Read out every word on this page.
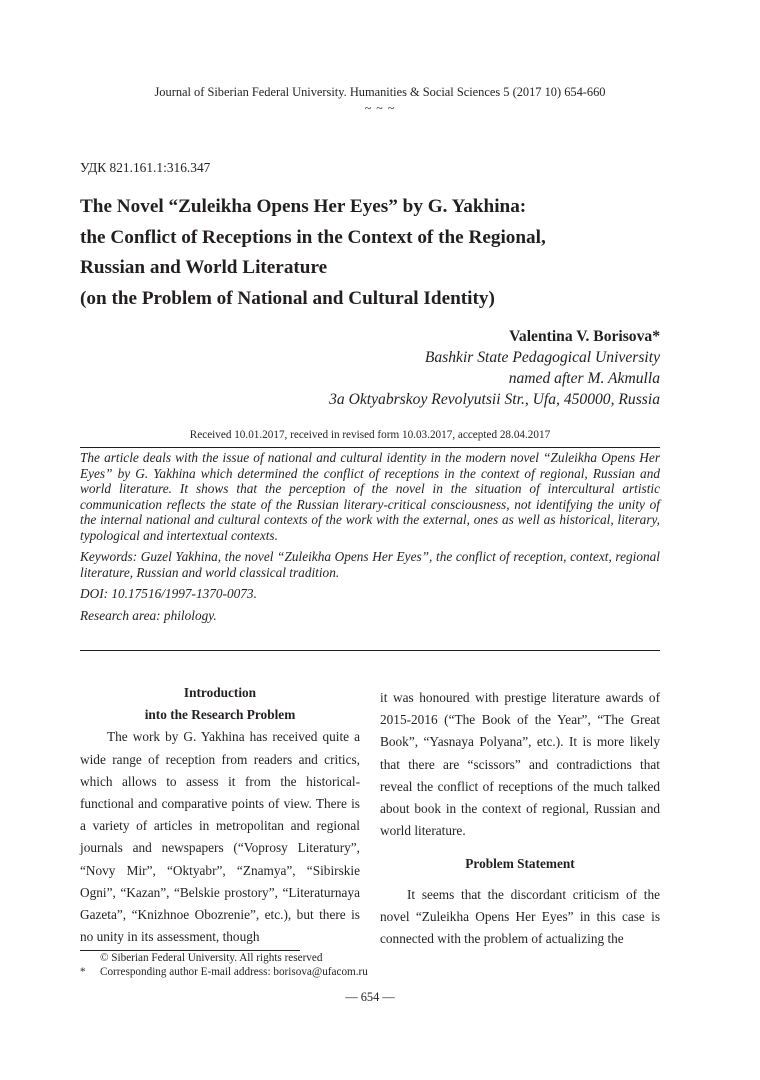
Journal of Siberian Federal University. Humanities & Social Sciences 5 (2017 10) 654-660
~ ~ ~
УДК 821.161.1:316.347
The Novel “Zuleikha Opens Her Eyes” by G. Yakhina:
the Conflict of Receptions in the Context of the Regional,
Russian and World Literature
(on the Problem of National and Cultural Identity)
Valentina V. Borisova*
Bashkir State Pedagogical University
named after M. Akmulla
3a Oktyabrskoy Revolyutsii Str., Ufa, 450000, Russia
Received 10.01.2017, received in revised form 10.03.2017, accepted 28.04.2017

The article deals with the issue of national and cultural identity in the modern novel “Zuleikha Opens Her Eyes” by G. Yakhina which determined the conflict of receptions in the context of regional, Russian and world literature. It shows that the perception of the novel in the situation of intercultural artistic communication reflects the state of the Russian literary-critical consciousness, not identifying the unity of the internal national and cultural contexts of the work with the external, ones as well as historical, literary, typological and intertextual contexts.

Keywords: Guzel Yakhina, the novel “Zuleikha Opens Her Eyes”, the conflict of reception, context, regional literature, Russian and world classical tradition.

DOI: 10.17516/1997-1370-0073.

Research area: philology.

Introduction
into the Research Problem

The work by G. Yakhina has received quite a wide range of reception from readers and critics, which allows to assess it from the historical-functional and comparative points of view. There is a variety of articles in metropolitan and regional journals and newspapers (“Voprosy Literatury”, “Novy Mir”, “Oktyabr”, “Znamya”, “Sibirskie Ogni”, “Kazan”, “Belskie prostory”, “Literaturnaya Gazeta”, “Knizhnoe Obozrenie”, etc.), but there is no unity in its assessment, though

it was honoured with prestige literature awards of 2015-2016 (“The Book of the Year”, “The Great Book”, “Yasnaya Polyana”, etc.). It is more likely that there are “scissors” and contradictions that reveal the conflict of receptions of the much talked about book in the context of regional, Russian and world literature.

Problem Statement

It seems that the discordant criticism of the novel “Zuleikha Opens Her Eyes” in this case is connected with the problem of actualizing the

© Siberian Federal University. All rights reserved
* Corresponding author E-mail address: borisova@ufacom.ru
— 654 —
